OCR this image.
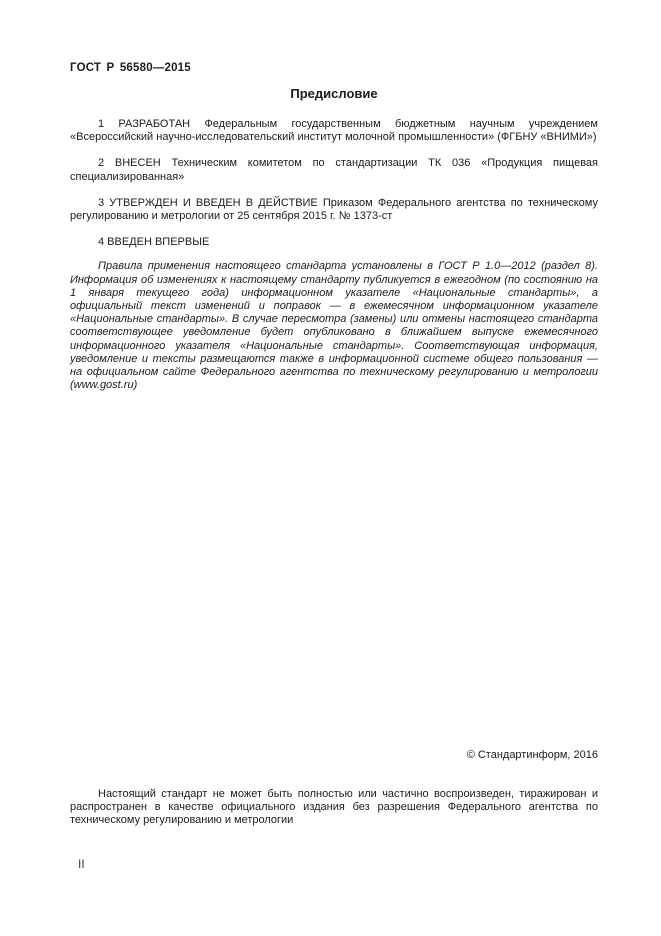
ГОСТ Р 56580—2015
Предисловие

1 РАЗРАБОТАН Федеральным государственным бюджетным научным учреждением «Всероссийский научно-исследовательский институт молочной промышленности» (ФГБНУ «ВНИМИ»)

2 ВНЕСЕН Техническим комитетом по стандартизации ТК 036 «Продукция пищевая специализированная»

3 УТВЕРЖДЕН И ВВЕДЕН В ДЕЙСТВИЕ Приказом Федерального агентства по техническому регулированию и метрологии от 25 сентября 2015 г. № 1373-ст

4 ВВЕДЕН ВПЕРВЫЕ

Правила применения настоящего стандарта установлены в ГОСТ Р 1.0—2012 (раздел 8). Информация об изменениях к настоящему стандарту публикуется в ежегодном (по состоянию на 1 января текущего года) информационном указателе «Национальные стандарты», а официальный текст изменений и поправок — в ежемесячном информационном указателе «Национальные стандарты». В случае пересмотра (замены) или отмены настоящего стандарта соответствующее уведомление будет опубликовано в ближайшем выпуске ежемесячного информационного указателя «Национальные стандарты». Соответствующая информация, уведомление и тексты размещаются также в информационной системе общего пользования — на официальном сайте Федерального агентства по техническому регулированию и метрологии (www.gost.ru)

© Стандартинформ, 2016

Настоящий стандарт не может быть полностью или частично воспроизведен, тиражирован и распространен в качестве официального издания без разрешения Федерального агентства по техническому регулированию и метрологии

II
